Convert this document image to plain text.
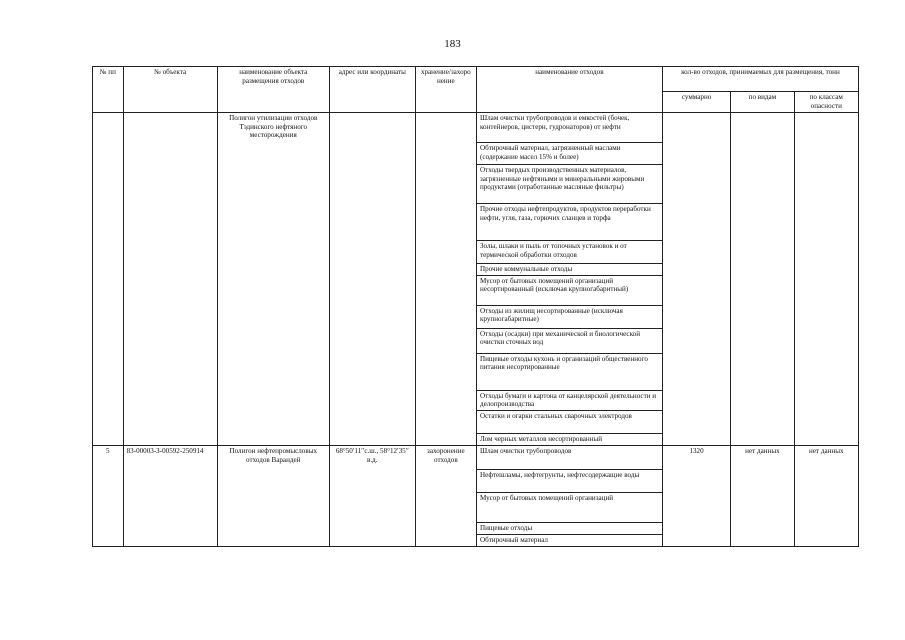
183
№ пп	№ объекта	наименование объекта размещения отходов	адрес или координаты	хранение/захоро нение	наименование отходов	кол-во отходов, принимаемых для размещения, тонн		
						суммарно	по видам	по классам опасности
		Полигон утилизации отходов Тэдинского нефтяного месторождения			Шлам очистки трубопроводов и емкостей (бочек, контейнеров, цистерн, гудронаторов) от нефти			
					Обтирочный материал, загрязненный маслами (содержание масел 15% и более)			
					Отходы твердых производственных материалов, загрязненные нефтяными и минеральными жировыми продуктами (отработанные масляные фильтры)			
					Прочие отходы нефтепродуктов, продуктов переработки нефти, угля, газа, горючих сланцев и торфа			
					Золы, шлаки и пыль от топочных установок и от термической обработки отходов			
					Прочие коммунальные отходы			
					Мусор от бытовых помещений организаций несортированный (исключая крупногабаритный)			
					Отходы из жилищ несортированные (исключая крупногабаритные)			
					Отходы (осадки) при механической и биологической очистки сточных вод			
					Пищевые отходы кухонь и организаций общественного питания несортированные			
					Отходы бумаги и картона от канцелярской деятельности и делопроизводства			
					Остатки и огарки стальных сварочных электродов			
					Лом черных металлов несортированный			
5	83-00003-З-00592-250914	Полигон нефтепромысловых отходов Варандей	68°50′11′′с.ш., 58°12′35′′ в.д.	захоронение отходов	Шлам очистки трубопроводов	1320	нет данных	нет данных
					Нефтешламы, нефтегрунты, нефтесодержащие воды			
					Мусор от бытовых помещений организаций			
					Пищевые отходы			
					Обтирочный материал			
